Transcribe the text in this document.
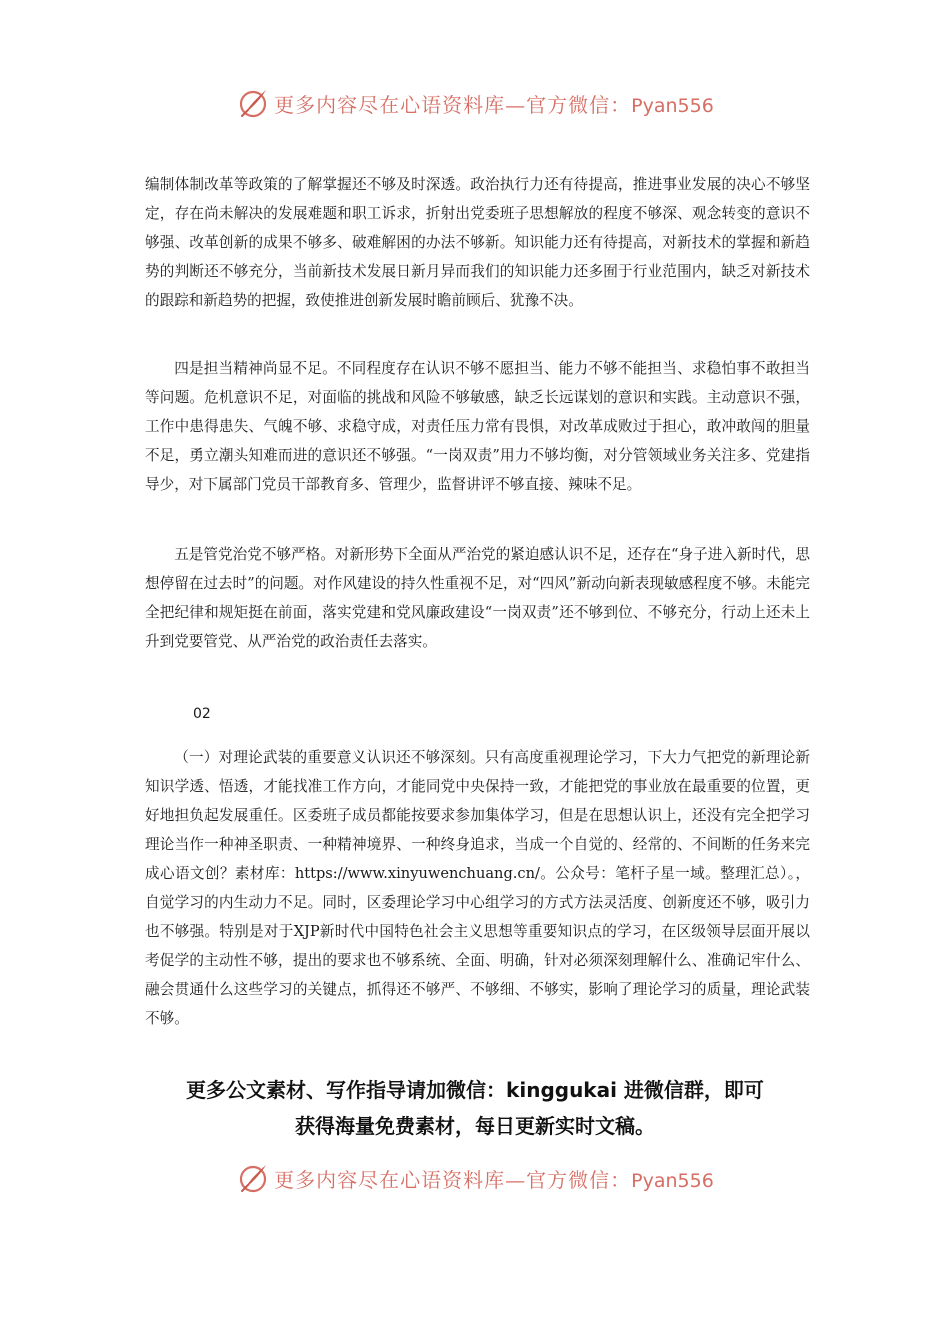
更多内容尽在心语资料库—官方微信：Pyan556

编制体制改革等政策的了解掌握还不够及时深透。政治执行力还有待提高，推进事业发展的决心不够坚定，存在尚未解决的发展难题和职工诉求，折射出党委班子思想解放的程度不够深、观念转变的意识不够强、改革创新的成果不够多、破难解困的办法不够新。知识能力还有待提高，对新技术的掌握和新趋势的判断还不够充分，当前新技术发展日新月异而我们的知识能力还多囿于行业范围内，缺乏对新技术的跟踪和新趋势的把握，致使推进创新发展时瞻前顾后、犹豫不决。

四是担当精神尚显不足。不同程度存在认识不够不愿担当、能力不够不能担当、求稳怕事不敢担当等问题。危机意识不足，对面临的挑战和风险不够敏感，缺乏长远谋划的意识和实践。主动意识不强，工作中患得患失、气魄不够、求稳守成，对责任压力常有畏惧，对改革成败过于担心，敢冲敢闯的胆量不足，勇立潮头知难而进的意识还不够强。“一岗双责”用力不够均衡，对分管领域业务关注多、党建指导少，对下属部门党员干部教育多、管理少，监督讲评不够直接、辣味不足。

五是管党治党不够严格。对新形势下全面从严治党的紧迫感认识不足，还存在“身子进入新时代，思想停留在过去时”的问题。对作风建设的持久性重视不足，对“四风”新动向新表现敏感程度不够。未能完全把纪律和规矩挺在前面，落实党建和党风廉政建设“一岗双责”还不够到位、不够充分，行动上还未上升到党要管党、从严治党的政治责任去落实。

02

（一）对理论武装的重要意义认识还不够深刻。只有高度重视理论学习，下大力气把党的新理论新知识学透、悟透，才能找准工作方向，才能同党中央保持一致，才能把党的事业放在最重要的位置，更好地担负起发展重任。区委班子成员都能按要求参加集体学习，但是在思想认识上，还没有完全把学习理论当作一种神圣职责、一种精神境界、一种终身追求，当成一个自觉的、经常的、不间断的任务来完成心语文创？素材库：https://www.xinyuwenchuang.cn/。公众号：笔杆子星一域。整理汇总）。，自觉学习的内生动力不足。同时，区委理论学习中心组学习的方式方法灵活度、创新度还不够，吸引力也不够强。特别是对于XJP新时代中国特色社会主义思想等重要知识点的学习，在区级领导层面开展以考促学的主动性不够，提出的要求也不够系统、全面、明确，针对必须深刻理解什么、准确记牢什么、融会贯通什么这些学习的关键点，抓得还不够严、不够细、不够实，影响了理论学习的质量，理论武装不够。

更多公文素材、写作指导请加微信：kinggukai 进微信群，即可
获得海量免费素材，每日更新实时文稿。
更多内容尽在心语资料库—官方微信：Pyan556
